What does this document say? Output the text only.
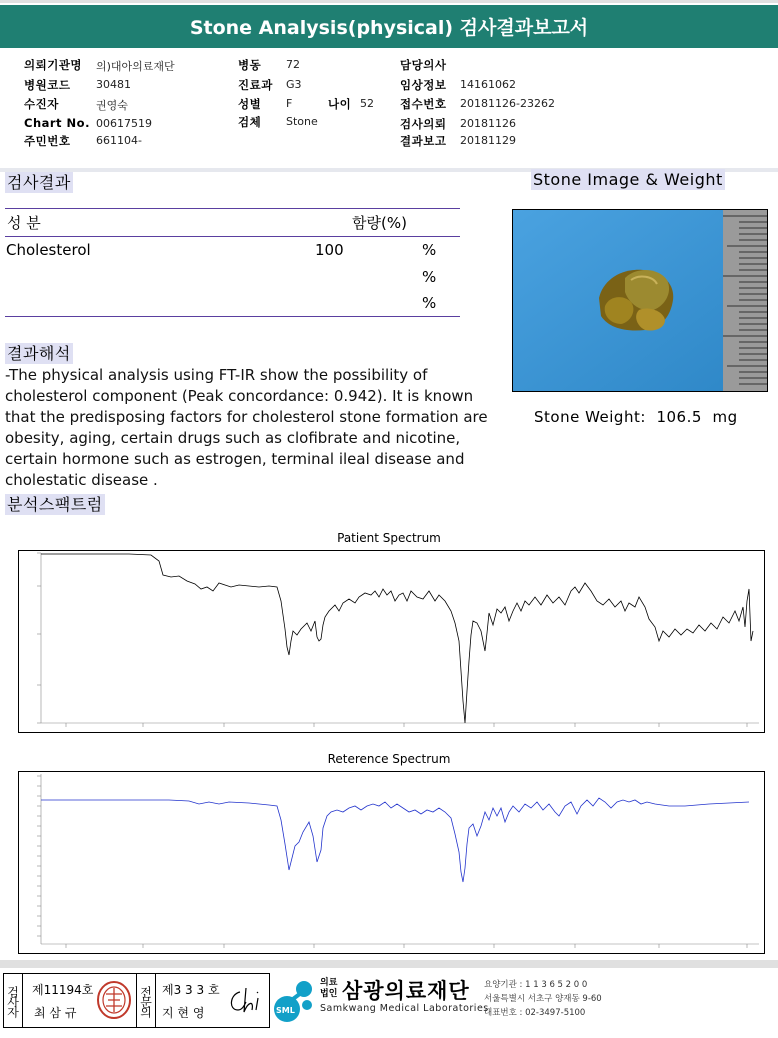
Stone Analysis(physical) 검사결과보고서
의뢰기관명 의)대아의료재단
병원코드 30481
수진자	권영숙
Chart No. 00617519
주민번호 661104-
병동 72
진료과 G3
성별 F	나이 52
검체 Stone
담당의사
임상정보 14161062
접수번호 20181126-23262
검사의뢰 20181126
결과보고 20181129
검사결과	Stone Image & Weight
성 분	함량(%)
Cholesterol	100	%
%
%
Stone Weight: 106.5 mg
결과해석
-The physical analysis using FT-IR show the possibility of cholesterol component (Peak concordance: 0.942). It is known that the predisposing factors for cholesterol stone formation are obesity, aging, certain drugs such as clofibrate and nicotine, certain hormone such as estrogen, terminal ileal disease and cholestatic disease .
분석스팩트럼
Patient Spectrum
Reterence Spectrum
검사자 제11194호
최 삼 규	전문의 제3 3 3 호
지 현 영	SML
의료법인 삼광의료재단
Samkwang Medical Laboratories
요양기관 : 1 1 3 6 5 2 0 0
서울특별시 서초구 양재동 9-60
대표번호 : 02-3497-5100
